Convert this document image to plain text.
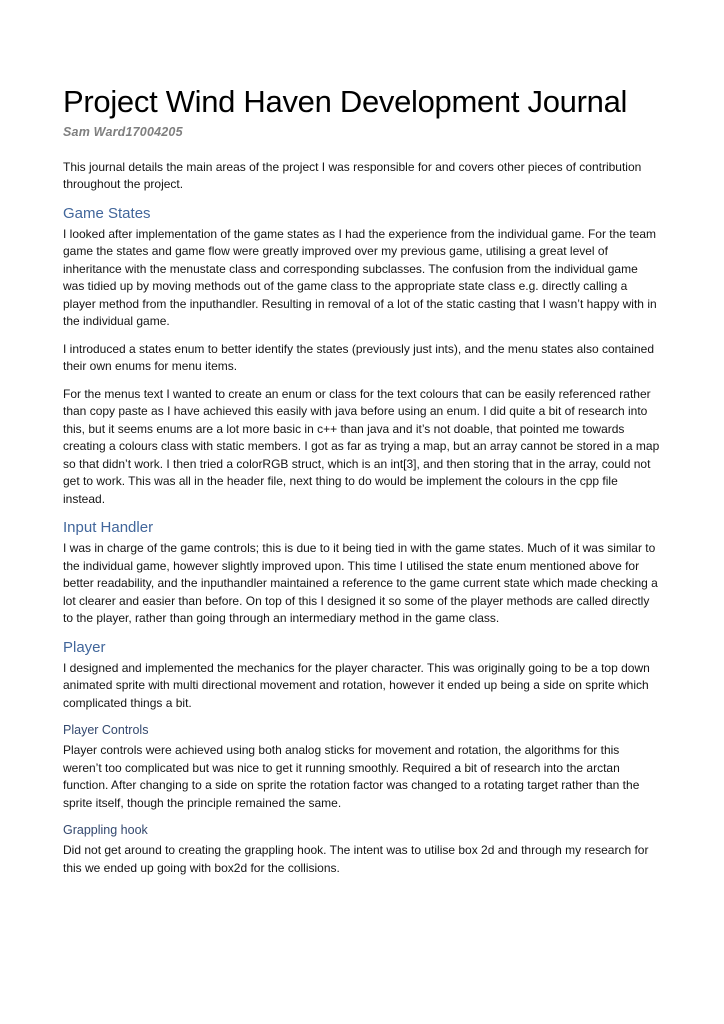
Project Wind Haven Development Journal
Sam Ward17004205

This journal details the main areas of the project I was responsible for and covers other pieces of contribution throughout the project.

Game States

I looked after implementation of the game states as I had the experience from the individual game. For the team game the states and game flow were greatly improved over my previous game, utilising a great level of inheritance with the menustate class and corresponding subclasses. The confusion from the individual game was tidied up by moving methods out of the game class to the appropriate state class e.g. directly calling a player method from the inputhandler. Resulting in removal of a lot of the static casting that I wasn’t happy with in the individual game.

I introduced a states enum to better identify the states (previously just ints), and the menu states also contained their own enums for menu items.

For the menus text I wanted to create an enum or class for the text colours that can be easily referenced rather than copy paste as I have achieved this easily with java before using an enum. I did quite a bit of research into this, but it seems enums are a lot more basic in c++ than java and it’s not doable, that pointed me towards creating a colours class with static members. I got as far as trying a map, but an array cannot be stored in a map so that didn’t work. I then tried a colorRGB struct, which is an int[3], and then storing that in the array, could not get to work. This was all in the header file, next thing to do would be implement the colours in the cpp file instead.

Input Handler

I was in charge of the game controls; this is due to it being tied in with the game states. Much of it was similar to the individual game, however slightly improved upon. This time I utilised the state enum mentioned above for better readability, and the inputhandler maintained a reference to the game current state which made checking a lot clearer and easier than before. On top of this I designed it so some of the player methods are called directly to the player, rather than going through an intermediary method in the game class.

Player

I designed and implemented the mechanics for the player character. This was originally going to be a top down animated sprite with multi directional movement and rotation, however it ended up being a side on sprite which complicated things a bit.

Player Controls

Player controls were achieved using both analog sticks for movement and rotation, the algorithms for this weren’t too complicated but was nice to get it running smoothly. Required a bit of research into the arctan function. After changing to a side on sprite the rotation factor was changed to a rotating target rather than the sprite itself, though the principle remained the same.

Grappling hook

Did not get around to creating the grappling hook. The intent was to utilise box 2d and through my research for this we ended up going with box2d for the collisions.
